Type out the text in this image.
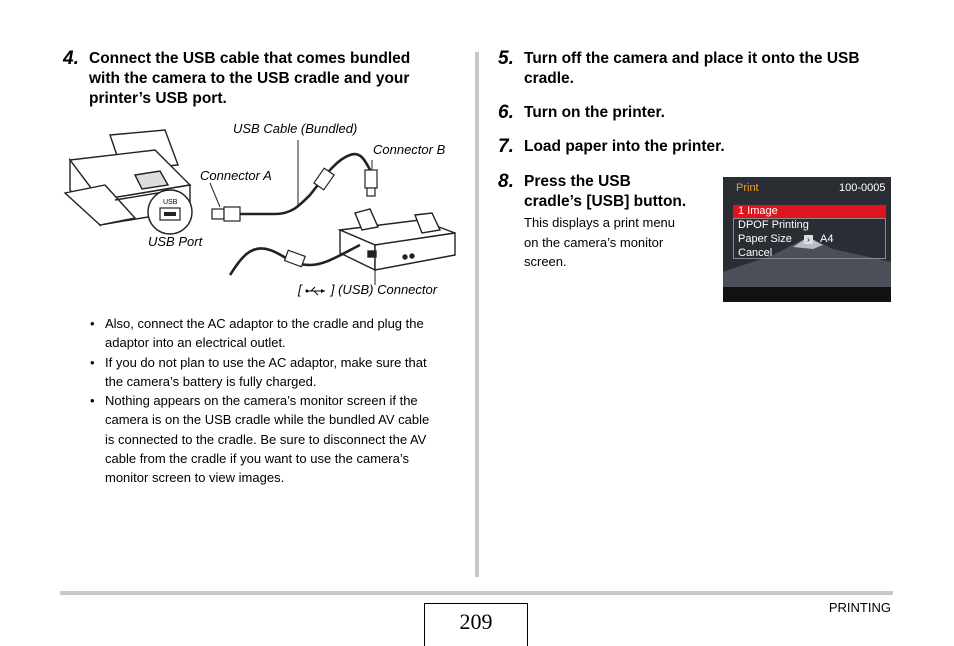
4. Connect the USB cable that comes bundled
with the camera to the USB cradle and your
printer’s USB port.
USB Cable (Bundled)
Connector B
Connector A
USB
USB Port
[ ] (USB) Connector
• Also, connect the AC adaptor to the cradle and plug the
adaptor into an electrical outlet.
• If you do not plan to use the AC adaptor, make sure that
the camera’s battery is fully charged.
• Nothing appears on the camera’s monitor screen if the
camera is on the USB cradle while the bundled AV cable
is connected to the cradle. Be sure to disconnect the AV
cable from the cradle if you want to use the camera’s
monitor screen to view images.
5. Turn off the camera and place it onto the USB
cradle.
6. Turn on the printer.
7. Load paper into the printer.
8. Press the USB
cradle’s [USB] button.
This displays a print menu
on the camera’s monitor
screen.
Print	100-0005
1 Image
DPOF Printing
Paper Size	› A4
Cancel
PRINTING
209
